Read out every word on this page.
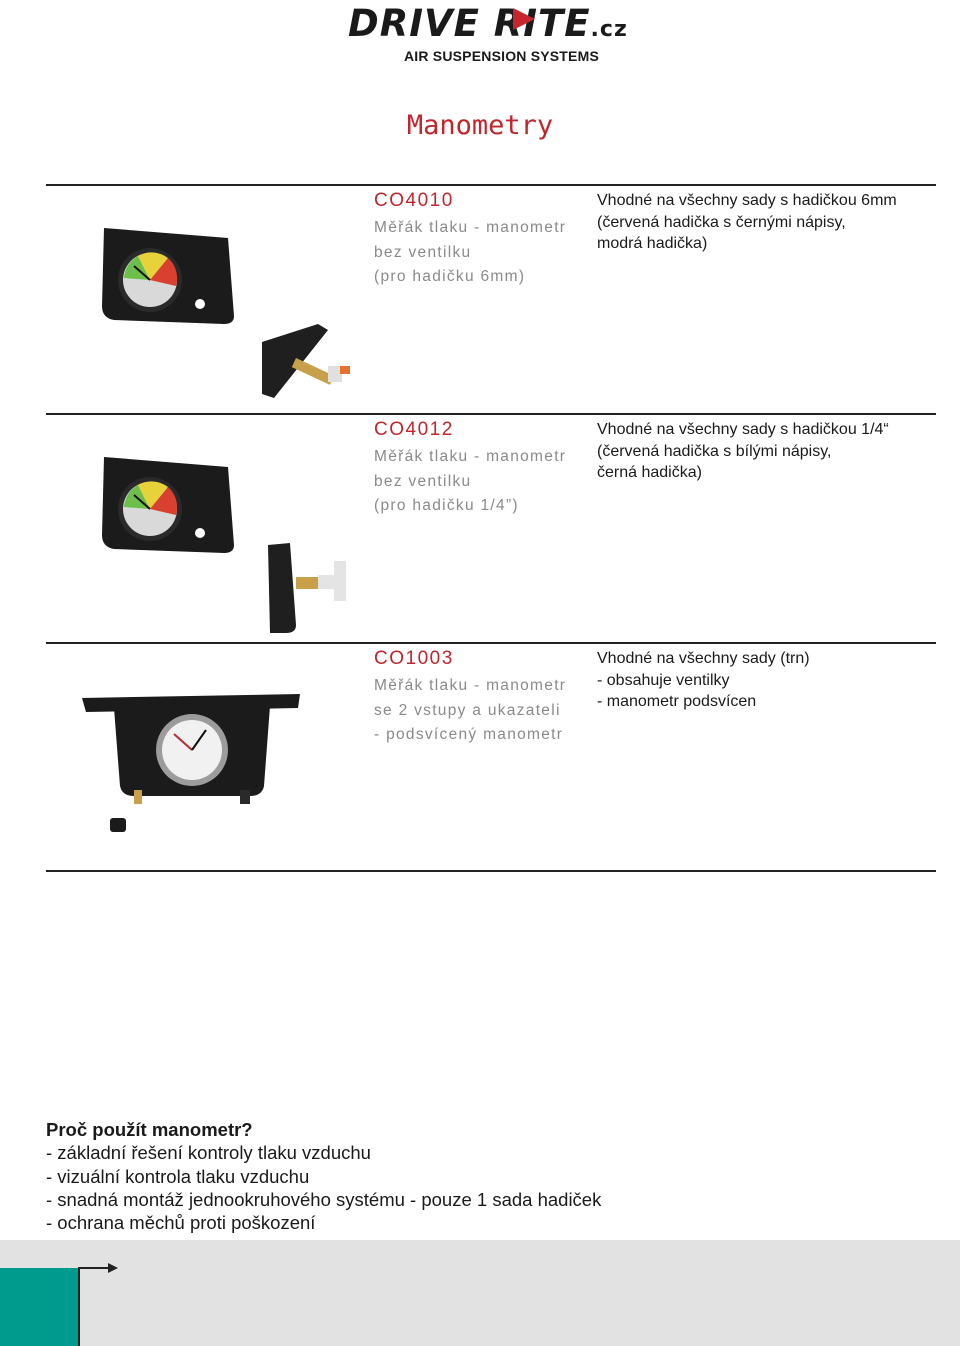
DRIVE RITE.cz
AIR SUSPENSION SYSTEMS
Manometry
CO4010
Měřák tlaku - manometr
bez ventilku
(pro hadičku 6mm)
Vhodné na všechny sady s hadičkou 6mm
(červená hadička s černými nápisy,
modrá hadička)
CO4012
Měřák tlaku - manometr
bez ventilku
(pro hadičku 1/4”)
Vhodné na všechny sady s hadičkou 1/4“
(červená hadička s bílými nápisy,
černá hadička)
CO1003
Měřák tlaku - manometr
se 2 vstupy a ukazateli
- podsvícený manometr
Vhodné na všechny sady (trn)
- obsahuje ventilky
- manometr podsvícen
Proč použít manometr?
- základní řešení kontroly tlaku vzduchu
- vizuální kontrola tlaku vzduchu
- snadná montáž jednookruhového systému - pouze 1 sada hadiček
- ochrana měchů proti poškození
